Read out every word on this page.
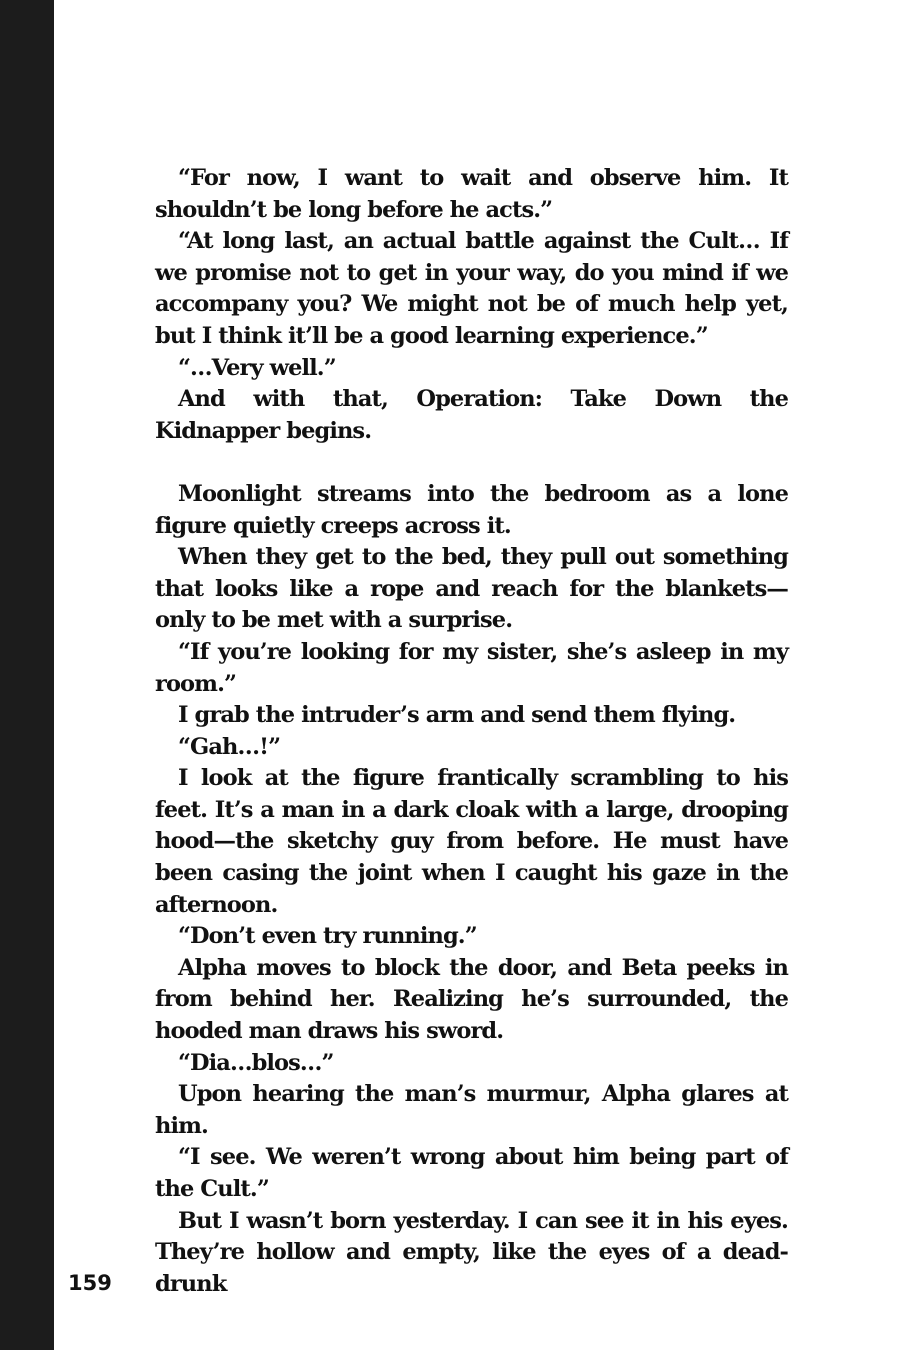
“For now, I want to wait and observe him. It shouldn’t be long before he acts.”

“At long last, an actual battle against the Cult… If we promise not to get in your way, do you mind if we accompany you? We might not be of much help yet, but I think it’ll be a good learning experience.”

“…Very well.”

And with that, Operation: Take Down the Kidnapper begins.

Moonlight streams into the bedroom as a lone figure quietly creeps across it.

When they get to the bed, they pull out something that looks like a rope and reach for the blankets—only to be met with a surprise.

“If you’re looking for my sister, she’s asleep in my room.”

I grab the intruder’s arm and send them flying.

“Gah…!”

I look at the figure frantically scrambling to his feet. It’s a man in a dark cloak with a large, drooping hood—the sketchy guy from before. He must have been casing the joint when I caught his gaze in the afternoon.

“Don’t even try running.”

Alpha moves to block the door, and Beta peeks in from behind her. Realizing he’s surrounded, the hooded man draws his sword.

“Dia…blos…”

Upon hearing the man’s murmur, Alpha glares at him.

“I see. We weren’t wrong about him being part of the Cult.”

But I wasn’t born yesterday. I can see it in his eyes. They’re hollow and empty, like the eyes of a dead-drunk

159
